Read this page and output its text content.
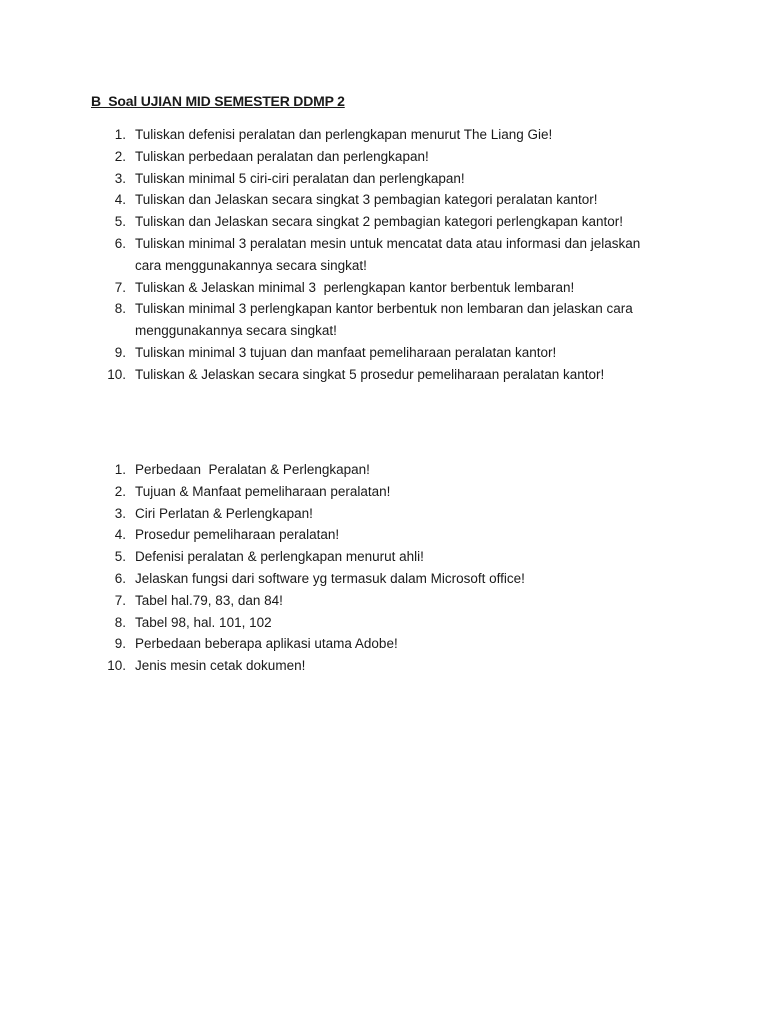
B  Soal UJIAN MID SEMESTER DDMP 2
1. Tuliskan defenisi peralatan dan perlengkapan menurut The Liang Gie!
2. Tuliskan perbedaan peralatan dan perlengkapan!
3. Tuliskan minimal 5 ciri-ciri peralatan dan perlengkapan!
4. Tuliskan dan Jelaskan secara singkat 3 pembagian kategori peralatan kantor!
5. Tuliskan dan Jelaskan secara singkat 2 pembagian kategori perlengkapan kantor!
6. Tuliskan minimal 3 peralatan mesin untuk mencatat data atau informasi dan jelaskan cara menggunakannya secara singkat!
7. Tuliskan & Jelaskan minimal 3  perlengkapan kantor berbentuk lembaran!
8. Tuliskan minimal 3 perlengkapan kantor berbentuk non lembaran dan jelaskan cara menggunakannya secara singkat!
9. Tuliskan minimal 3 tujuan dan manfaat pemeliharaan peralatan kantor!
10. Tuliskan & Jelaskan secara singkat 5 prosedur pemeliharaan peralatan kantor!
1. Perbedaan  Peralatan & Perlengkapan!
2. Tujuan & Manfaat pemeliharaan peralatan!
3. Ciri Perlatan & Perlengkapan!
4. Prosedur pemeliharaan peralatan!
5. Defenisi peralatan & perlengkapan menurut ahli!
6. Jelaskan fungsi dari software yg termasuk dalam Microsoft office!
7. Tabel hal.79, 83, dan 84!
8. Tabel 98, hal. 101, 102
9. Perbedaan beberapa aplikasi utama Adobe!
10. Jenis mesin cetak dokumen!
